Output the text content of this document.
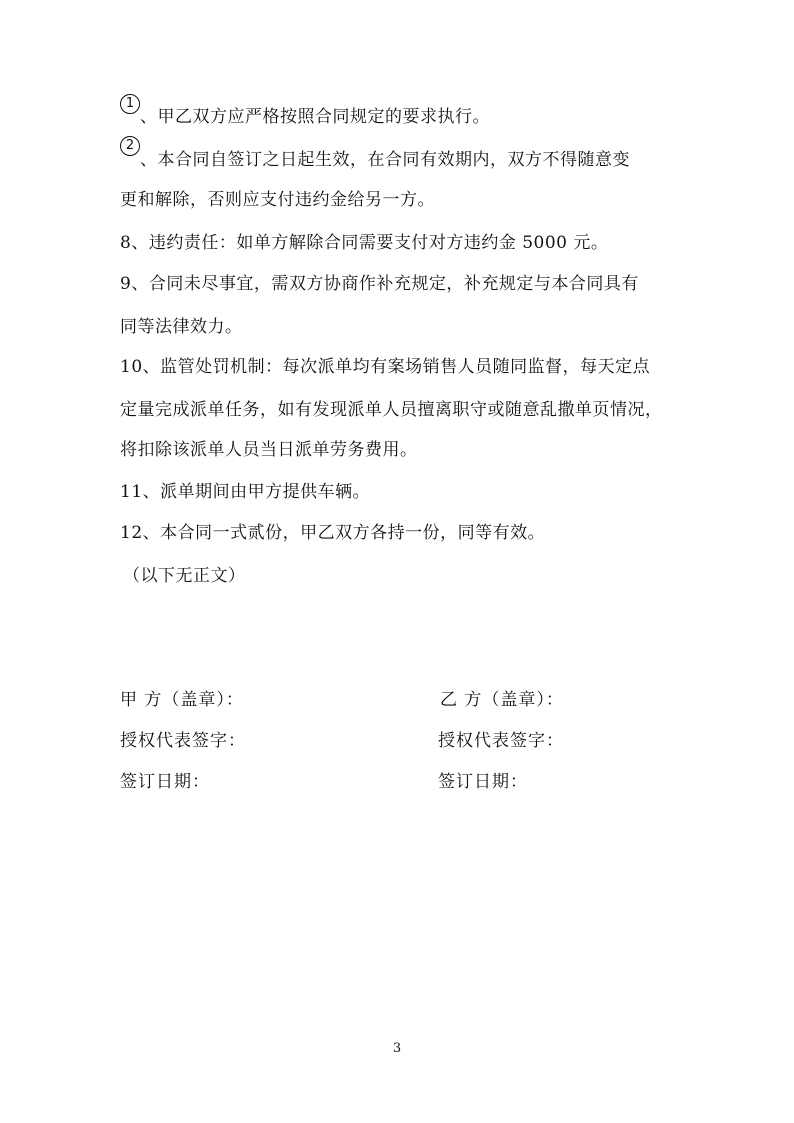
1
、甲乙双方应严格按照合同规定的要求执行。
2
、本合同自签订之日起生效，在合同有效期内，双方不得随意变
更和解除，否则应支付违约金给另一方。
8、违约责任：如单方解除合同需要支付对方违约金 5000 元。
9、合同未尽事宜，需双方协商作补充规定，补充规定与本合同具有
同等法律效力。
10、监管处罚机制：每次派单均有案场销售人员随同监督，每天定点
定量完成派单任务，如有发现派单人员擅离职守或随意乱撒单页情况，
将扣除该派单人员当日派单劳务费用。
11、派单期间由甲方提供车辆。
12、本合同一式贰份，甲乙双方各持一份，同等有效。
（以下无正文）
甲 方（盖章）：
授权代表签字：
签订日期：
乙 方（盖章）：
授权代表签字：
签订日期：
3
